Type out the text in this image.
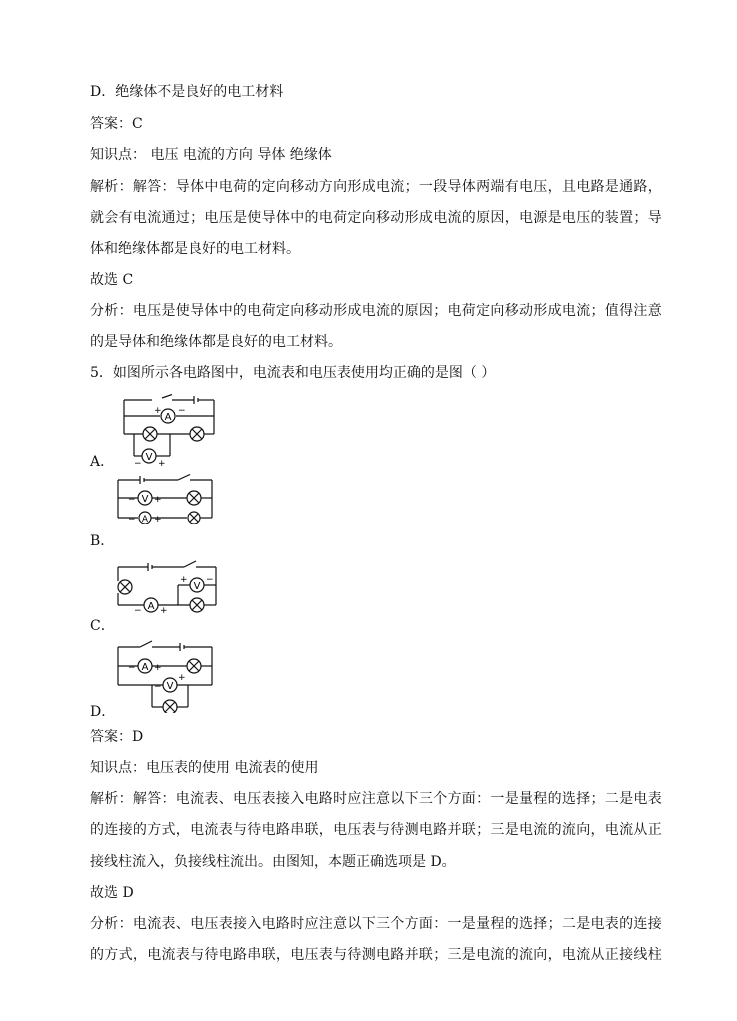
D．绝缘体不是良好的电工材料
答案：C
知识点： 电压 电流的方向 导体 绝缘体
解析：解答：导体中电荷的定向移动方向形成电流；一段导体两端有电压，且电路是通路，
就会有电流通过；电压是使导体中的电荷定向移动形成电流的原因，电源是电压的装置；导
体和绝缘体都是良好的电工材料。
故选 C
分析：电压是使导体中的电荷定向移动形成电流的原因；电荷定向移动形成电流；值得注意
的是导体和绝缘体都是良好的电工材料。
5．如图所示各电路图中，电流表和电压表使用均正确的是图（ ）
A
V
+ −
− +
A．
V
A
− +
− +
B．
A
V
− +
+ −
C．
A
V
− +
−
+
D．
答案：D
知识点：电压表的使用 电流表的使用
解析：解答：电流表、电压表接入电路时应注意以下三个方面：一是量程的选择；二是电表
的连接的方式，电流表与待电路串联，电压表与待测电路并联；三是电流的流向，电流从正
接线柱流入，负接线柱流出。由图知，本题正确选项是 D。
故选 D
分析：电流表、电压表接入电路时应注意以下三个方面：一是量程的选择；二是电表的连接
的方式，电流表与待电路串联，电压表与待测电路并联；三是电流的流向，电流从正接线柱
